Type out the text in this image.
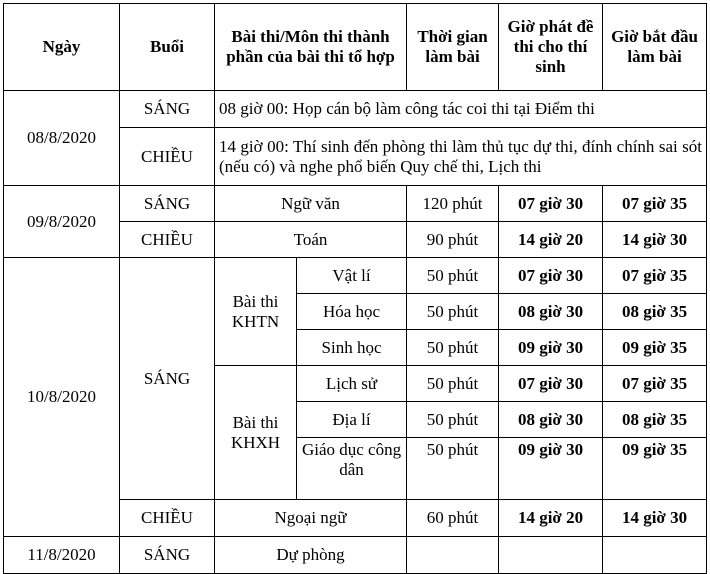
Ngày	Buổi	Bài thi/Môn thi thành phần của bài thi tổ hợp		Thời gian làm bài	Giờ phát đề thi cho thí sinh	Giờ bắt đầu làm bài
08/8/2020	SÁNG	08 giờ 00: Họp cán bộ làm công tác coi thi tại Điểm thi				
	CHIỀU	14 giờ 00: Thí sinh đến phòng thi làm thủ tục dự thi, đính chính sai sót (nếu có) và nghe phổ biến Quy chế thi, Lịch thi				
09/8/2020	SÁNG	Ngữ văn		120 phút	07 giờ 30	07 giờ 35
	CHIỀU	Toán		90 phút	14 giờ 20	14 giờ 30
10/8/2020	SÁNG	Bài thi KHTN	Vật lí	50 phút	07 giờ 30	07 giờ 35
			Hóa học	50 phút	08 giờ 30	08 giờ 35
			Sinh học	50 phút	09 giờ 30	09 giờ 35
		Bài thi KHXH	Lịch sử	50 phút	07 giờ 30	07 giờ 35
			Địa lí	50 phút	08 giờ 30	08 giờ 35
			Giáo dục công dân	50 phút	09 giờ 30	09 giờ 35
	CHIỀU	Ngoại ngữ		60 phút	14 giờ 20	14 giờ 30
11/8/2020	SÁNG	Dự phòng				
